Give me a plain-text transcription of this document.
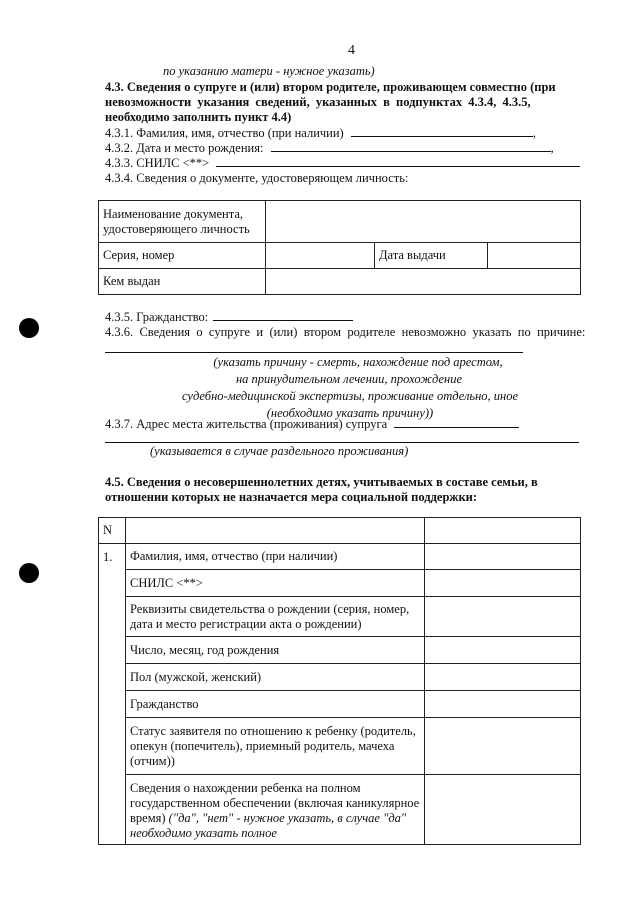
4
по указанию матери - нужное указать)
4.3. Сведения о супруге и (или) втором родителе, проживающем совместно (при
невозможности указания сведений, указанных в подпунктах 4.3.4, 4.3.5,
необходимо заполнить пункт 4.4)
4.3.1. Фамилия, имя, отчество (при наличии)	,
4.3.2. Дата и место рождения:	,
4.3.3. СНИЛС <**>
4.3.4. Сведения о документе, удостоверяющем личность:
Наименование документа, удостоверяющего личность			
Серия, номер		Дата выдачи	
Кем выдан			
4.3.5. Гражданство:
4.3.6. Сведения о супруге и (или) втором родителе невозможно указать по причине:
(указать причину - смерть, нахождение под арестом,
на принудительном лечении, прохождение
судебно-медицинской экспертизы, проживание отдельно, иное
(необходимо указать причину))
4.3.7. Адрес места жительства (проживания) супруга
(указывается в случае раздельного проживания)
4.5. Сведения о несовершеннолетних детях, учитываемых в составе семьи, в
отношении которых не назначается мера социальной поддержки:
N		
1.	Фамилия, имя, отчество (при наличии)	
	СНИЛС <**>	
	Реквизиты свидетельства о рождении (серия, номер, дата и место регистрации акта о рождении)	
	Число, месяц, год рождения	
	Пол (мужской, женский)	
	Гражданство	
	Статус заявителя по отношению к ребенку (родитель, опекун (попечитель), приемный родитель, мачеха (отчим))	
	Сведения о нахождении ребенка на полном государственном обеспечении (включая каникулярное время) ("да", "нет" - нужное указать, в случае "да" необходимо указать полное	
